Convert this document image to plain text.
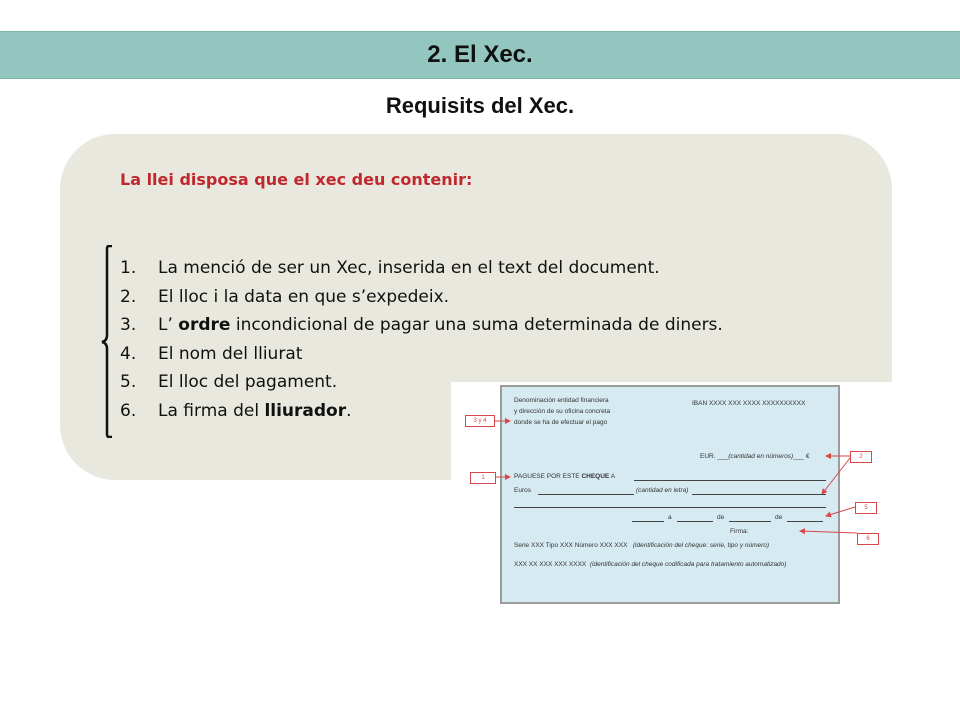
2. El Xec.
Requisits del Xec.
La llei disposa que el xec deu contenir:
1. La menció de ser un Xec, inserida en el text del document.
2. El lloc i la data en que s’expedeix.
3. L’ ordre incondicional de pagar una suma determinada de diners.
4. El nom del lliurat
5. El lloc del pagament.
6. La firma del lliurador.
Denominación entidad financiera
y dirección de su oficina concreta
donde se ha de efectuar el pago
IBAN XXXX XXX XXXX XXXXXXXXXX
EUR. ___(cantidad en números)___ €
PAGUESE POR ESTE CHEQUE A
Euros	(cantidad en letra)
a	de	de
Firma:
Serie XXX Tipo XXX Número XXX XXX (identificación del cheque: serie, tipo y número)
XXX XX XXX XXX XXXX (identificación del cheque codificada para tratamiento automatizado)
3 y 4
1
2
5
6
